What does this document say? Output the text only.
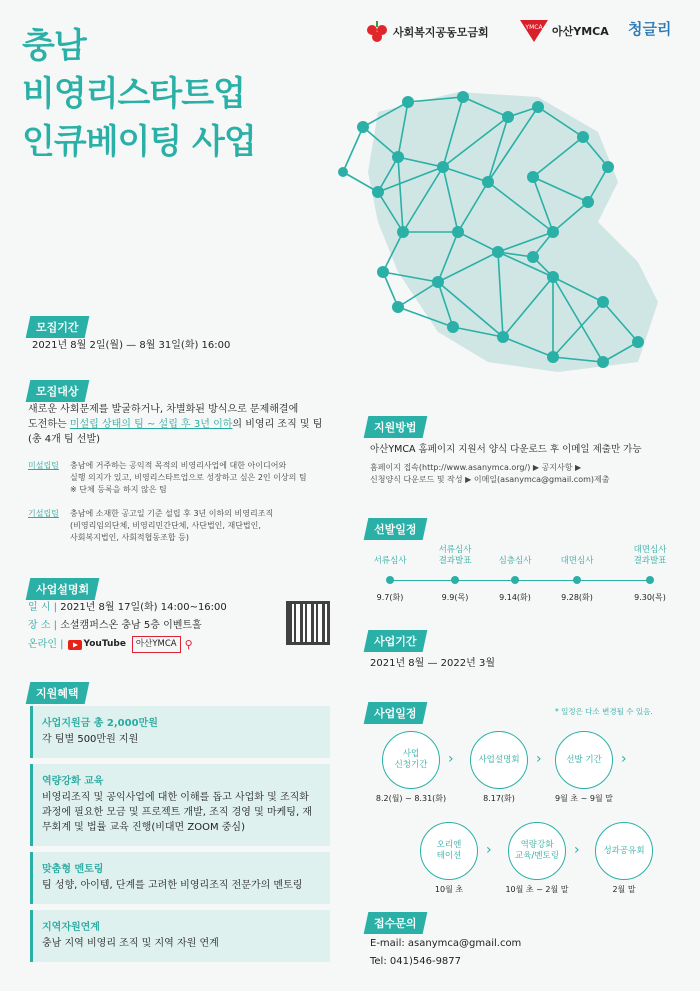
사회복지공동모금회	YMCA 아산YMCA 청글리
충남
비영리스타트업
인큐베이팅 사업
모집기간
2021년 8월 2일(월) — 8월 31일(화) 16:00
모집대상
새로운 사회문제를 발굴하거나, 차별화된 방식으로 문제해결에
도전하는 미설립 상태의 팀 ~ 설립 후 3년 이하의 비영리 조직 및 팀
(총 4개 팀 선발)
미설립팀 충남에 거주하는 공익적 목적의 비영리사업에 대한 아이디어와
실행 의지가 있고, 비영리스타트업으로 성장하고 싶은 2인 이상의 팀
※ 단체 등록을 하지 않은 팀
기설립팀 충남에 소재한 공고일 기준 설립 후 3년 이하의 비영리조직
(비영리임의단체, 비영리민간단체, 사단법인, 재단법인,
사회복지법인, 사회적협동조합 등)
사업설명회
일 시 | 2021년 8월 17일(화) 14:00~16:00
장 소 | 소셜캠퍼스온 충남 5층 이벤트홀
온라인 | YouTube	아산YMCA ⚲
지원혜택
사업지원금 총 2,000만원
각 팀별 500만원 지원
역량강화 교육
비영리조직 및 공익사업에 대한 이해를 돕고 사업화 및 조직화 과정에 필요한 모금 및 프로젝트 개발, 조직 경영 및 마케팅, 재무회계 및 법률 교육 진행(비대면 ZOOM 중심)
맞춤형 멘토링
팀 성향, 아이템, 단계를 고려한 비영리조직 전문가의 멘토링
지역자원연계
충남 지역 비영리 조직 및 지역 자원 연계
지원방법
아산YMCA 홈페이지 지원서 양식 다운로드 후 이메일 제출만 가능
홈페이지 접속(http://www.asanymca.org/) ▶ 공지사항 ▶
신청양식 다운로드 및 작성 ▶ 이메일(asanymca@gmail.com)제출
선발일정
서류심사
9.7(화)
서류심사
결과발표
9.9(목)
심층심사
9.14(화)
대면심사
9.28(화)
대면심사
결과발표
9.30(목)
사업기간
2021년 8월 — 2022년 3월
사업일정	* 일정은 다소 변경될 수 있음.
사업
신청기간
8.2(월) ~ 8.31(화)
›	사업설명회
8.17(화)
›	선발 기간
9월 초 ~ 9월 말
›
오리엔
테이션
10월 초
›	역량강화
교육/멘토링
10월 초 ~ 2월 말
›	성과공유회
2월 말
접수문의
E-mail: asanymca@gmail.com
Tel: 041)546-9877
